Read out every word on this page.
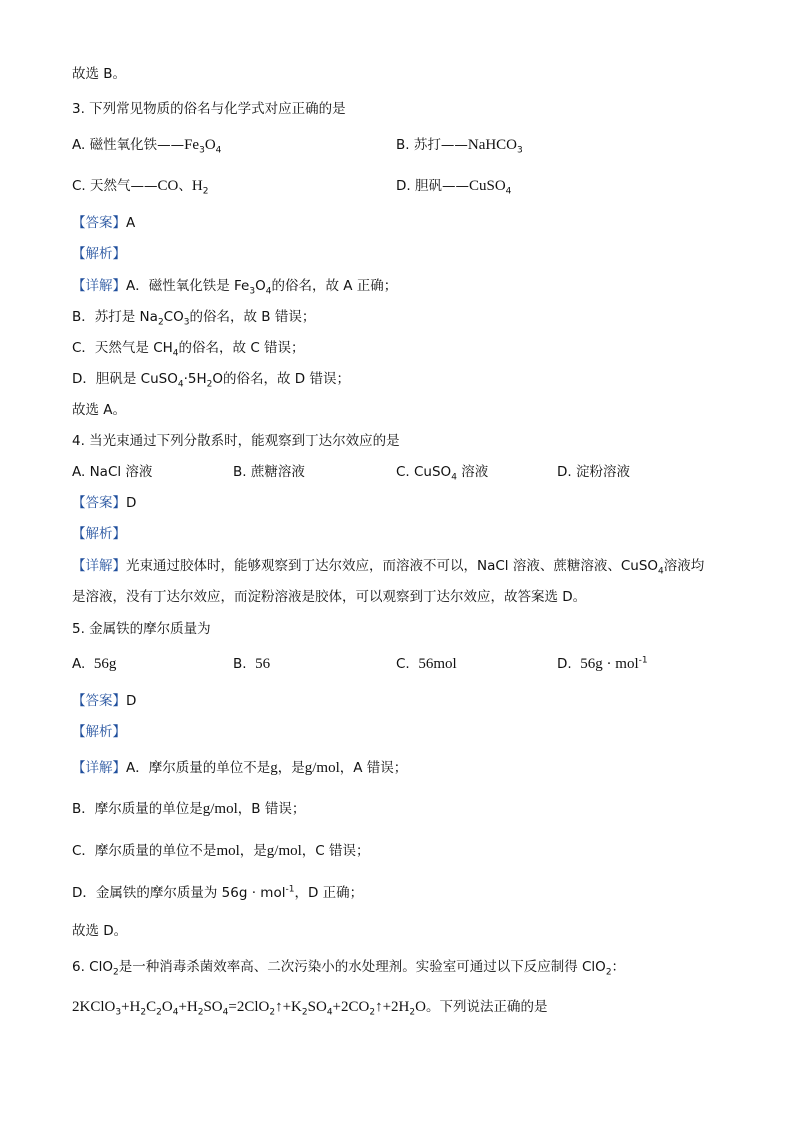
故选 B。
3. 下列常见物质的俗名与化学式对应正确的是
A. 磁性氧化铁$——Fe_3O_4$	B. 苏打——NaHCO$_3$
C. 天然气——CO、$H_2$	D. 胆矾——CuSO$_4$
【答案】A
【解析】
【详解】A．磁性氧化铁是 $Fe_3O_4$的俗名，故 A 正确；
B．苏打是 $Na_2CO_3$的俗名，故 B 错误；
C．天然气是 $CH_4$的俗名，故 C 错误；
D．胆矾是 $CuSO_4\cdot 5H_2O$的俗名，故 D 错误；
故选 A。
4. 当光束通过下列分散系时，能观察到丁达尔效应的是
A. NaCl 溶液	B. 蔗糖溶液	C. CuSO$_4$ 溶液	D. 淀粉溶液
【答案】D
【解析】
【详解】光束通过胶体时，能够观察到丁达尔效应，而溶液不可以，NaCl 溶液、蔗糖溶液、CuSO$_4$溶液均
是溶液，没有丁达尔效应，而淀粉溶液是胶体，可以观察到丁达尔效应，故答案选 D。
5. 金属铁的摩尔质量为
A. 56g	B. 56	C. 56mol	D. 56g · mol$^{-1}$
【答案】D
【解析】
【详解】A．摩尔质量的单位不是g，是g/mol，A 错误；
B．摩尔质量的单位是g/mol，B 错误；
C．摩尔质量的单位不是mol，是g/mol，C 错误；
D．金属铁的摩尔质量为 56g · mol$^{-1}$，D 正确；
故选 D。
6. ClO$_2$是一种消毒杀菌效率高、二次污染小的水处理剂。实验室可通过以下反应制得 ClO$_2$：
$2KClO_3+H_2C_2O_4+H_2SO_4=2ClO_2↑+K_2SO_4+2CO_2↑+2H_2O$。下列说法正确的是
